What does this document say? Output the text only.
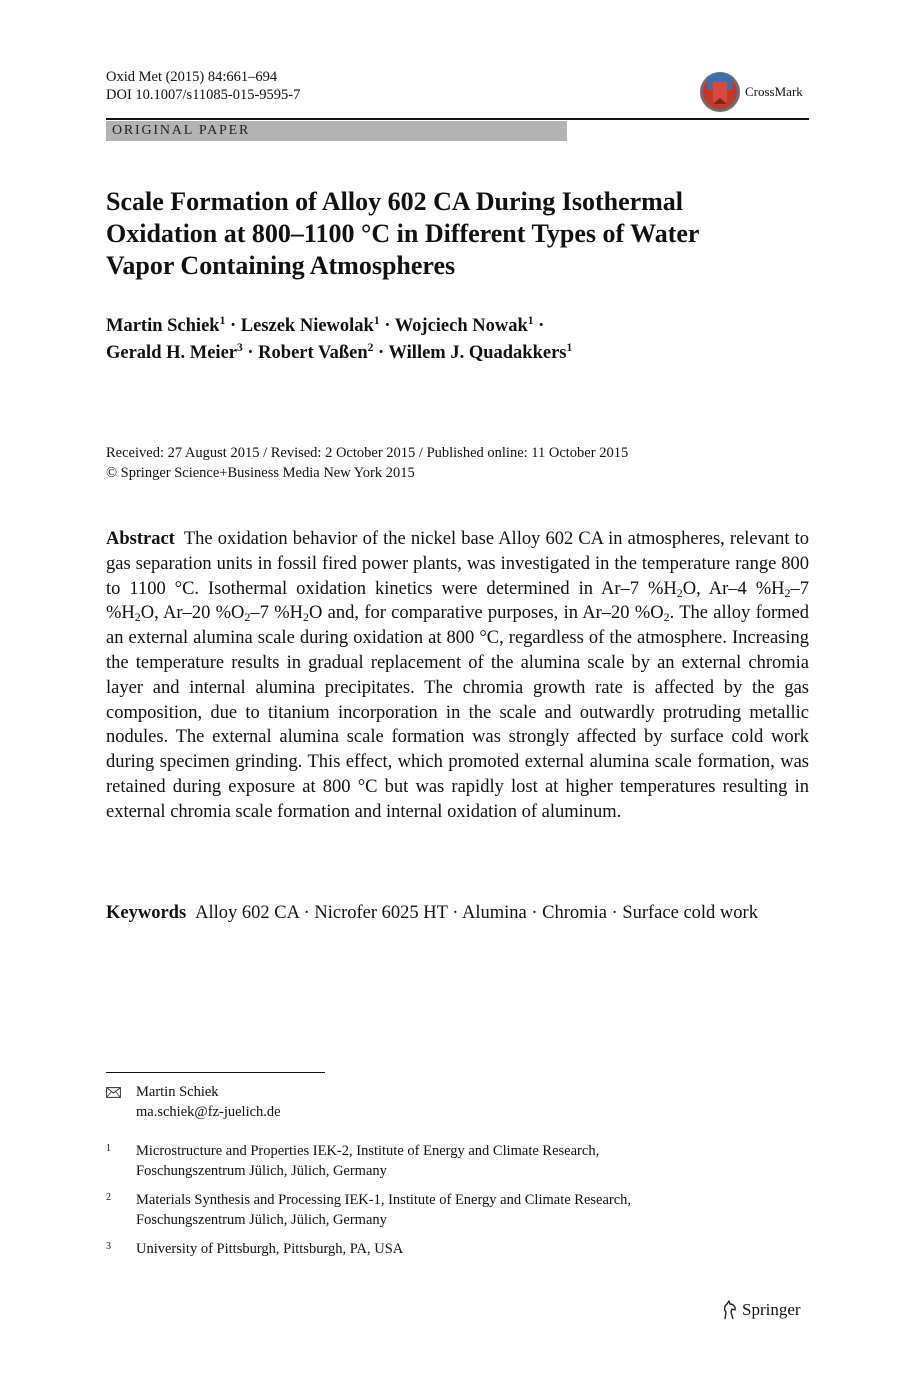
Oxid Met (2015) 84:661–694
DOI 10.1007/s11085-015-9595-7	CrossMark
ORIGINAL PAPER
Scale Formation of Alloy 602 CA During Isothermal
Oxidation at 800–1100 °C in Different Types of Water
Vapor Containing Atmospheres
Martin Schiek$^1$ · Leszek Niewolak$^1$ · Wojciech Nowak$^1$ ·
Gerald H. Meier$^3$ · Robert Vaßen$^2$ · Willem J. Quadakkers$^1$
Received: 27 August 2015 / Revised: 2 October 2015 / Published online: 11 October 2015
© Springer Science+Business Media New York 2015
Abstract The oxidation behavior of the nickel base Alloy 602 CA in atmospheres, relevant to gas separation units in fossil fired power plants, was investigated in the temperature range 800 to 1100 °C. Isothermal oxidation kinetics were determined in Ar–7 $\%H_2O$, Ar–4 $\%H_2-7$ $\%H_2O$, Ar–20 $\%O_2-7$ $\%H_2O$ and, for comparative purposes, in Ar–20 $\%O_2$. The alloy formed an external alumina scale during oxidation at 800 °C, regardless of the atmosphere. Increasing the temperature results in gradual replacement of the alumina scale by an external chromia layer and internal alumina precipitates. The chromia growth rate is affected by the gas composition, due to titanium incorporation in the scale and outwardly protruding metallic nodules. The external alumina scale formation was strongly affected by surface cold work during specimen grinding. This effect, which promoted external alumina scale formation, was retained during exposure at 800 °C but was rapidly lost at higher temperatures resulting in external chromia scale formation and internal oxidation of aluminum.
Keywords Alloy 602 CA · Nicrofer 6025 HT · Alumina · Chromia · Surface cold work
Martin Schiek
ma.schiek@fz-juelich.de
1 Microstructure and Properties IEK-2, Institute of Energy and Climate Research,
Foschungszentrum Jülich, Jülich, Germany
2 Materials Synthesis and Processing IEK-1, Institute of Energy and Climate Research,
Foschungszentrum Jülich, Jülich, Germany
3 University of Pittsburgh, Pittsburgh, PA, USA
Springer
